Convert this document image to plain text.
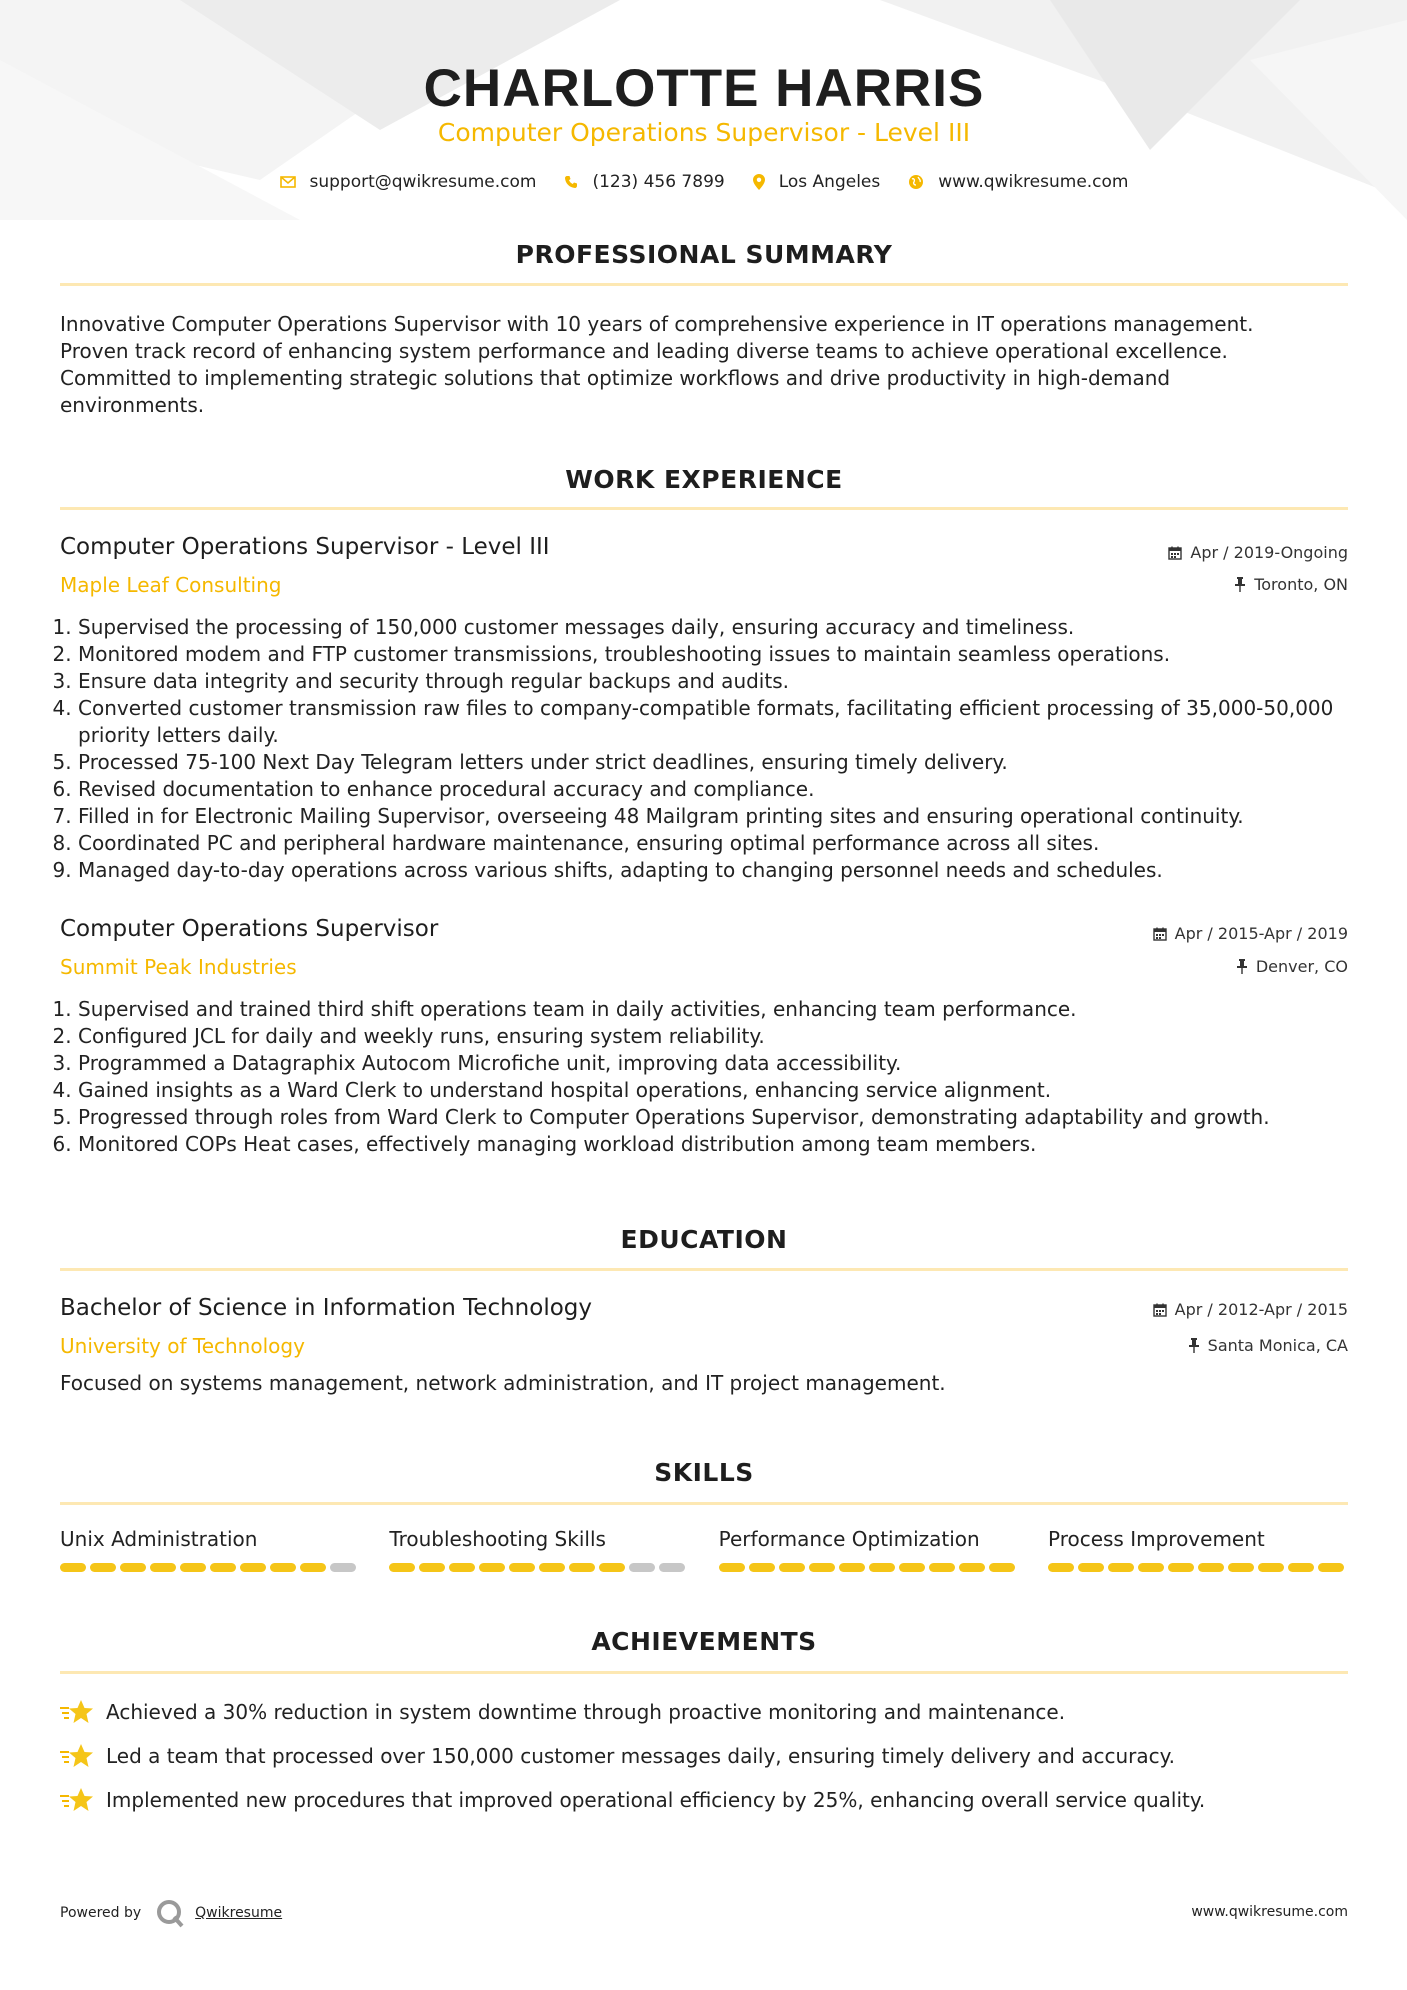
CHARLOTTE HARRIS
Computer Operations Supervisor - Level III
support@qwikresume.com	(123) 456 7899	Los Angeles	www.qwikresume.com
PROFESSIONAL SUMMARY
Innovative Computer Operations Supervisor with 10 years of comprehensive experience in IT operations management.
Proven track record of enhancing system performance and leading diverse teams to achieve operational excellence.
Committed to implementing strategic solutions that optimize workflows and drive productivity in high-demand
environments.
WORK EXPERIENCE
Computer Operations Supervisor - Level III
Maple Leaf Consulting
Apr / 2019-Ongoing
Toronto, ON
1. Supervised the processing of 150,000 customer messages daily, ensuring accuracy and timeliness.
2. Monitored modem and FTP customer transmissions, troubleshooting issues to maintain seamless operations.
3. Ensure data integrity and security through regular backups and audits.
4. Converted customer transmission raw files to company-compatible formats, facilitating efficient processing of 35,000-50,000 priority letters daily.
5. Processed 75-100 Next Day Telegram letters under strict deadlines, ensuring timely delivery.
6. Revised documentation to enhance procedural accuracy and compliance.
7. Filled in for Electronic Mailing Supervisor, overseeing 48 Mailgram printing sites and ensuring operational continuity.
8. Coordinated PC and peripheral hardware maintenance, ensuring optimal performance across all sites.
9. Managed day-to-day operations across various shifts, adapting to changing personnel needs and schedules.
Computer Operations Supervisor
Summit Peak Industries
Apr / 2015-Apr / 2019
Denver, CO
1. Supervised and trained third shift operations team in daily activities, enhancing team performance.
2. Configured JCL for daily and weekly runs, ensuring system reliability.
3. Programmed a Datagraphix Autocom Microfiche unit, improving data accessibility.
4. Gained insights as a Ward Clerk to understand hospital operations, enhancing service alignment.
5. Progressed through roles from Ward Clerk to Computer Operations Supervisor, demonstrating adaptability and growth.
6. Monitored COPs Heat cases, effectively managing workload distribution among team members.
EDUCATION
Bachelor of Science in Information Technology
University of Technology
Apr / 2012-Apr / 2015
Santa Monica, CA
Focused on systems management, network administration, and IT project management.
SKILLS
Unix Administration	Troubleshooting Skills	Performance Optimization	Process Improvement
ACHIEVEMENTS
Achieved a 30% reduction in system downtime through proactive monitoring and maintenance.
Led a team that processed over 150,000 customer messages daily, ensuring timely delivery and accuracy.
Implemented new procedures that improved operational efficiency by 25%, enhancing overall service quality.
Powered by	Qwikresume	www.qwikresume.com
